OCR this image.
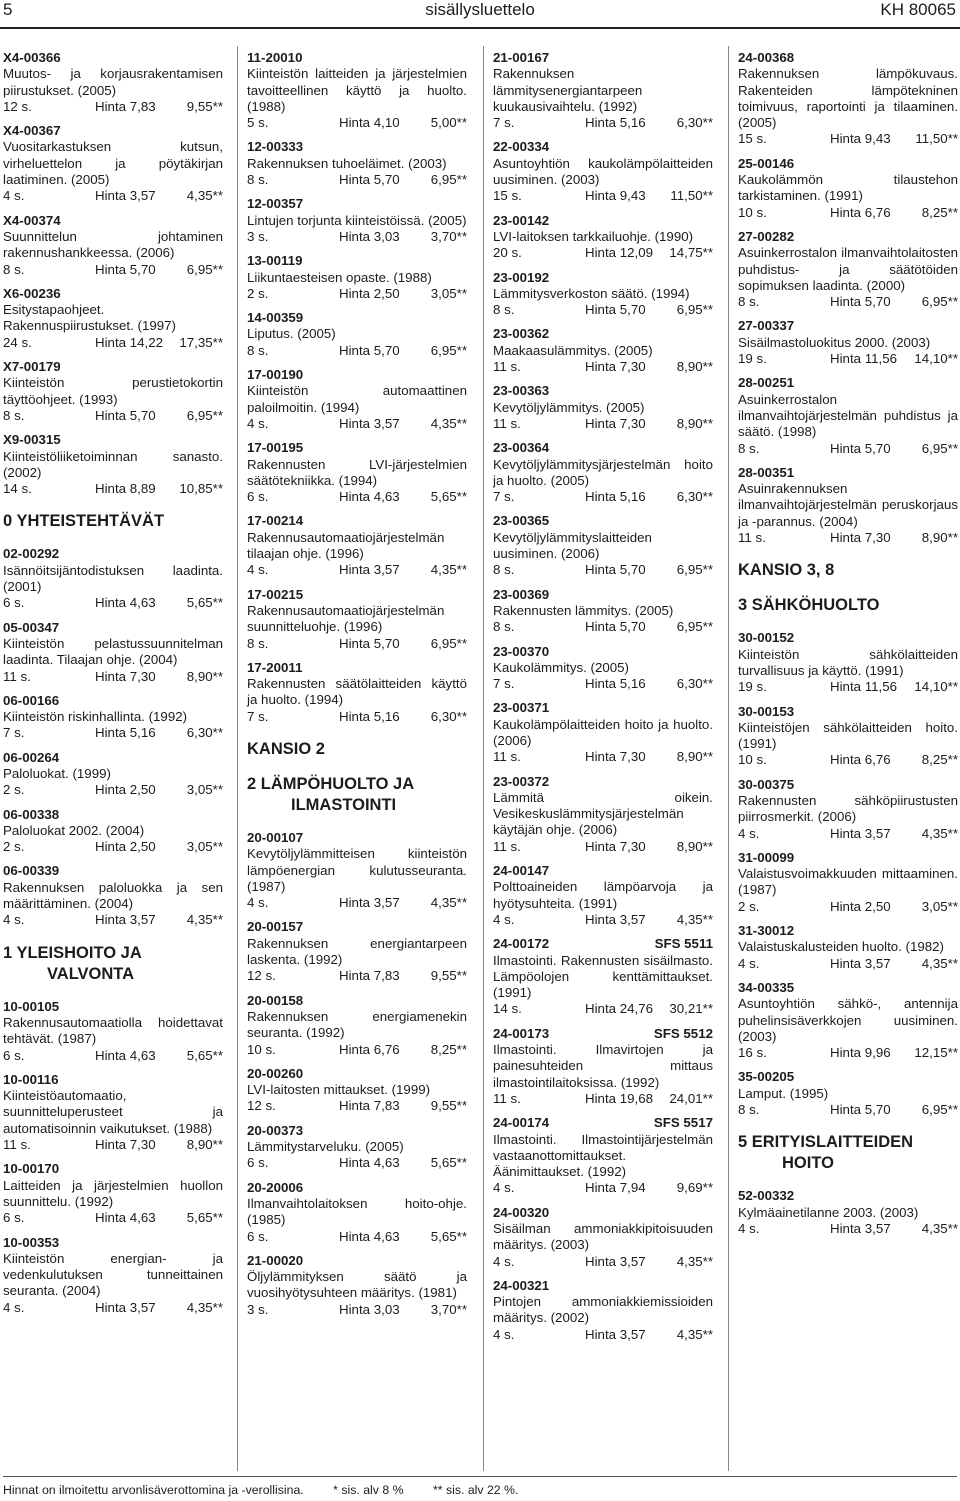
5	sisällysluettelo	KH 80065
X4-00366
Muutos- ja korjausrakentamisen piirustukset. (2005)
12 s.	Hinta 7,83 9,55**
X4-00367
Vuositarkastuksen kutsun, virheluettelon ja pöytäkirjan laatiminen. (2005)
4 s.	Hinta 3,57 4,35**
X4-00374
Suunnittelun johtaminen rakennushankkeessa. (2006)
8 s.	Hinta 5,70 6,95**
X6-00236
Esitystapaohjeet. Rakennuspiirustukset. (1997)
24 s.	Hinta 14,22 17,35**
X7-00179
Kiinteistön perustietokortin täyttöohjeet. (1993)
8 s.	Hinta 5,70 6,95**
X9-00315
Kiinteistöliiketoiminnan sanasto. (2002)
14 s.	Hinta 8,89 10,85**
0 YHTEISTEHTÄVÄT
02-00292
Isännöitsijäntodistuksen laadinta. (2001)
6 s.	Hinta 4,63 5,65**
05-00347
Kiinteistön pelastussuunnitelman laadinta. Tilaajan ohje. (2004)
11 s.	Hinta 7,30 8,90**
06-00166
Kiinteistön riskinhallinta. (1992)
7 s.	Hinta 5,16 6,30**
06-00264
Paloluokat. (1999)
2 s.	Hinta 2,50 3,05**
06-00338
Paloluokat 2002. (2004)
2 s.	Hinta 2,50 3,05**
06-00339
Rakennuksen paloluokka ja sen määrittäminen. (2004)
4 s.	Hinta 3,57 4,35**
1 YLEISHOITO JA
VALVONTA
10-00105
Rakennusautomaatiolla hoidettavat tehtävät. (1987)
6 s.	Hinta 4,63 5,65**
10-00116
Kiinteistöautomaatio, suunnitteluperusteet ja automatisoinnin vaikutukset. (1988)
11 s.	Hinta 7,30 8,90**
10-00170
Laitteiden ja järjestelmien huollon suunnittelu. (1992)
6 s.	Hinta 4,63 5,65**
10-00353
Kiinteistön energian- ja vedenkulutuksen tunneittainen seuranta. (2004)
4 s.	Hinta 3,57 4,35**
11-20010
Kiinteistön laitteiden ja järjestelmien tavoitteellinen käyttö ja huolto. (1988)
5 s.	Hinta 4,10 5,00**
12-00333
Rakennuksen tuhoeläimet. (2003)
8 s.	Hinta 5,70 6,95**
12-00357
Lintujen torjunta kiinteistöissä. (2005)
3 s.	Hinta 3,03 3,70**
13-00119
Liikuntaesteisen opaste. (1988)
2 s.	Hinta 2,50 3,05**
14-00359
Liputus. (2005)
8 s.	Hinta 5,70 6,95**
17-00190
Kiinteistön automaattinen paloilmoitin. (1994)
4 s.	Hinta 3,57 4,35**
17-00195
Rakennusten LVI-järjestelmien säätötekniikka. (1994)
6 s.	Hinta 4,63 5,65**
17-00214
Rakennusautomaatiojärjestelmän tilaajan ohje. (1996)
4 s.	Hinta 3,57 4,35**
17-00215
Rakennusautomaatiojärjestelmän suunnitteluohje. (1996)
8 s.	Hinta 5,70 6,95**
17-20011
Rakennusten säätölaitteiden käyttö ja huolto. (1994)
7 s.	Hinta 5,16 6,30**
KANSIO 2
2 LÄMPÖHUOLTO JA
ILMASTOINTI
20-00107
Kevytöljylämmitteisen kiinteistön lämpöenergian kulutusseuranta. (1987)
4 s.	Hinta 3,57 4,35**
20-00157
Rakennuksen energiantarpeen laskenta. (1992)
12 s.	Hinta 7,83 9,55**
20-00158
Rakennuksen energiamenekin seuranta. (1992)
10 s.	Hinta 6,76 8,25**
20-00260
LVI-laitosten mittaukset. (1999)
12 s.	Hinta 7,83 9,55**
20-00373
Lämmitystarveluku. (2005)
6 s.	Hinta 4,63 5,65**
20-20006
Ilmanvaihtolaitoksen hoito-ohje. (1985)
6 s.	Hinta 4,63 5,65**
21-00020
Öljylämmityksen säätö ja vuosihyötysuhteen määritys. (1981)
3 s.	Hinta 3,03 3,70**
21-00167
Rakennuksen lämmitysenergiantarpeen kuukausivaihtelu. (1992)
7 s.	Hinta 5,16 6,30**
22-00334
Asuntoyhtiön kaukolämpölaitteiden uusiminen. (2003)
15 s.	Hinta 9,43 11,50**
23-00142
LVI-laitoksen tarkkailuohje. (1990)
20 s.	Hinta 12,09 14,75**
23-00192
Lämmitysverkoston säätö. (1994)
8 s.	Hinta 5,70 6,95**
23-00362
Maakaasulämmitys. (2005)
11 s.	Hinta 7,30 8,90**
23-00363
Kevytöljylämmitys. (2005)
11 s.	Hinta 7,30 8,90**
23-00364
Kevytöljylämmitysjärjestelmän hoito ja huolto. (2005)
7 s.	Hinta 5,16 6,30**
23-00365
Kevytöljylämmityslaitteiden uusiminen. (2006)
8 s.	Hinta 5,70 6,95**
23-00369
Rakennusten lämmitys. (2005)
8 s.	Hinta 5,70 6,95**
23-00370
Kaukolämmitys. (2005)
7 s.	Hinta 5,16 6,30**
23-00371
Kaukolämpölaitteiden hoito ja huolto. (2006)
11 s.	Hinta 7,30 8,90**
23-00372
Lämmitä oikein. Vesikeskuslämmitysjärjestelmän käytäjän ohje. (2006)
11 s.	Hinta 7,30 8,90**
24-00147
Polttoaineiden lämpöarvoja ja hyötysuhteita. (1991)
4 s.	Hinta 3,57 4,35**
24-00172	SFS 5511
Ilmastointi. Rakennusten sisäilmasto. Lämpöolojen kenttämittaukset. (1991)
14 s.	Hinta 24,76 30,21**
24-00173	SFS 5512
Ilmastointi. Ilmavirtojen ja painesuhteiden mittaus ilmastointilaitoksissa. (1992)
11 s.	Hinta 19,68 24,01**
24-00174	SFS 5517
Ilmastointi. Ilmastointijärjestelmän vastaanottomittaukset. Äänimittaukset. (1992)
4 s.	Hinta 7,94 9,69**
24-00320
Sisäilman ammoniakkipitoisuuden määritys. (2003)
4 s.	Hinta 3,57 4,35**
24-00321
Pintojen ammoniakkiemissioiden määritys. (2002)
4 s.	Hinta 3,57 4,35**
24-00368
Rakennuksen lämpökuvaus. Rakenteiden lämpötekninen toimivuus, raportointi ja tilaaminen. (2005)
15 s.	Hinta 9,43 11,50**
25-00146
Kaukolämmön tilaustehon tarkistaminen. (1991)
10 s.	Hinta 6,76 8,25**
27-00282
Asuinkerrostalon ilmanvaihtolaitosten puhdistus- ja säätötöiden sopimuksen laadinta. (2000)
8 s.	Hinta 5,70 6,95**
27-00337
Sisäilmastoluokitus 2000. (2003)
19 s.	Hinta 11,56 14,10**
28-00251
Asuinkerrostalon ilmanvaihtojärjestelmän puhdistus ja säätö. (1998)
8 s.	Hinta 5,70 6,95**
28-00351
Asuinrakennuksen ilmanvaihtojärjestelmän peruskorjaus ja -parannus. (2004)
11 s.	Hinta 7,30 8,90**
KANSIO 3, 8
3 SÄHKÖHUOLTO
30-00152
Kiinteistön sähkölaitteiden turvallisuus ja käyttö. (1991)
19 s.	Hinta 11,56 14,10**
30-00153
Kiinteistöjen sähkölaitteiden hoito. (1991)
10 s.	Hinta 6,76 8,25**
30-00375
Rakennusten sähköpiirustusten piirrosmerkit. (2006)
4 s.	Hinta 3,57 4,35**
31-00099
Valaistusvoimakkuuden mittaaminen. (1987)
2 s.	Hinta 2,50 3,05**
31-30012
Valaistuskalusteiden huolto. (1982)
4 s.	Hinta 3,57 4,35**
34-00335
Asuntoyhtiön sähkö-, antennija puhelinsisäverkkojen uusiminen. (2003)
16 s.	Hinta 9,96 12,15**
35-00205
Lamput. (1995)
8 s.	Hinta 5,70 6,95**
5 ERITYISLAITTEIDEN
HOITO
52-00332
Kylmäainetilanne 2003. (2003)
4 s.	Hinta 3,57 4,35**
Hinnat on ilmoitettu arvonlisäverottomina ja -verollisina. * sis. alv 8 % ** sis. alv 22 %.
